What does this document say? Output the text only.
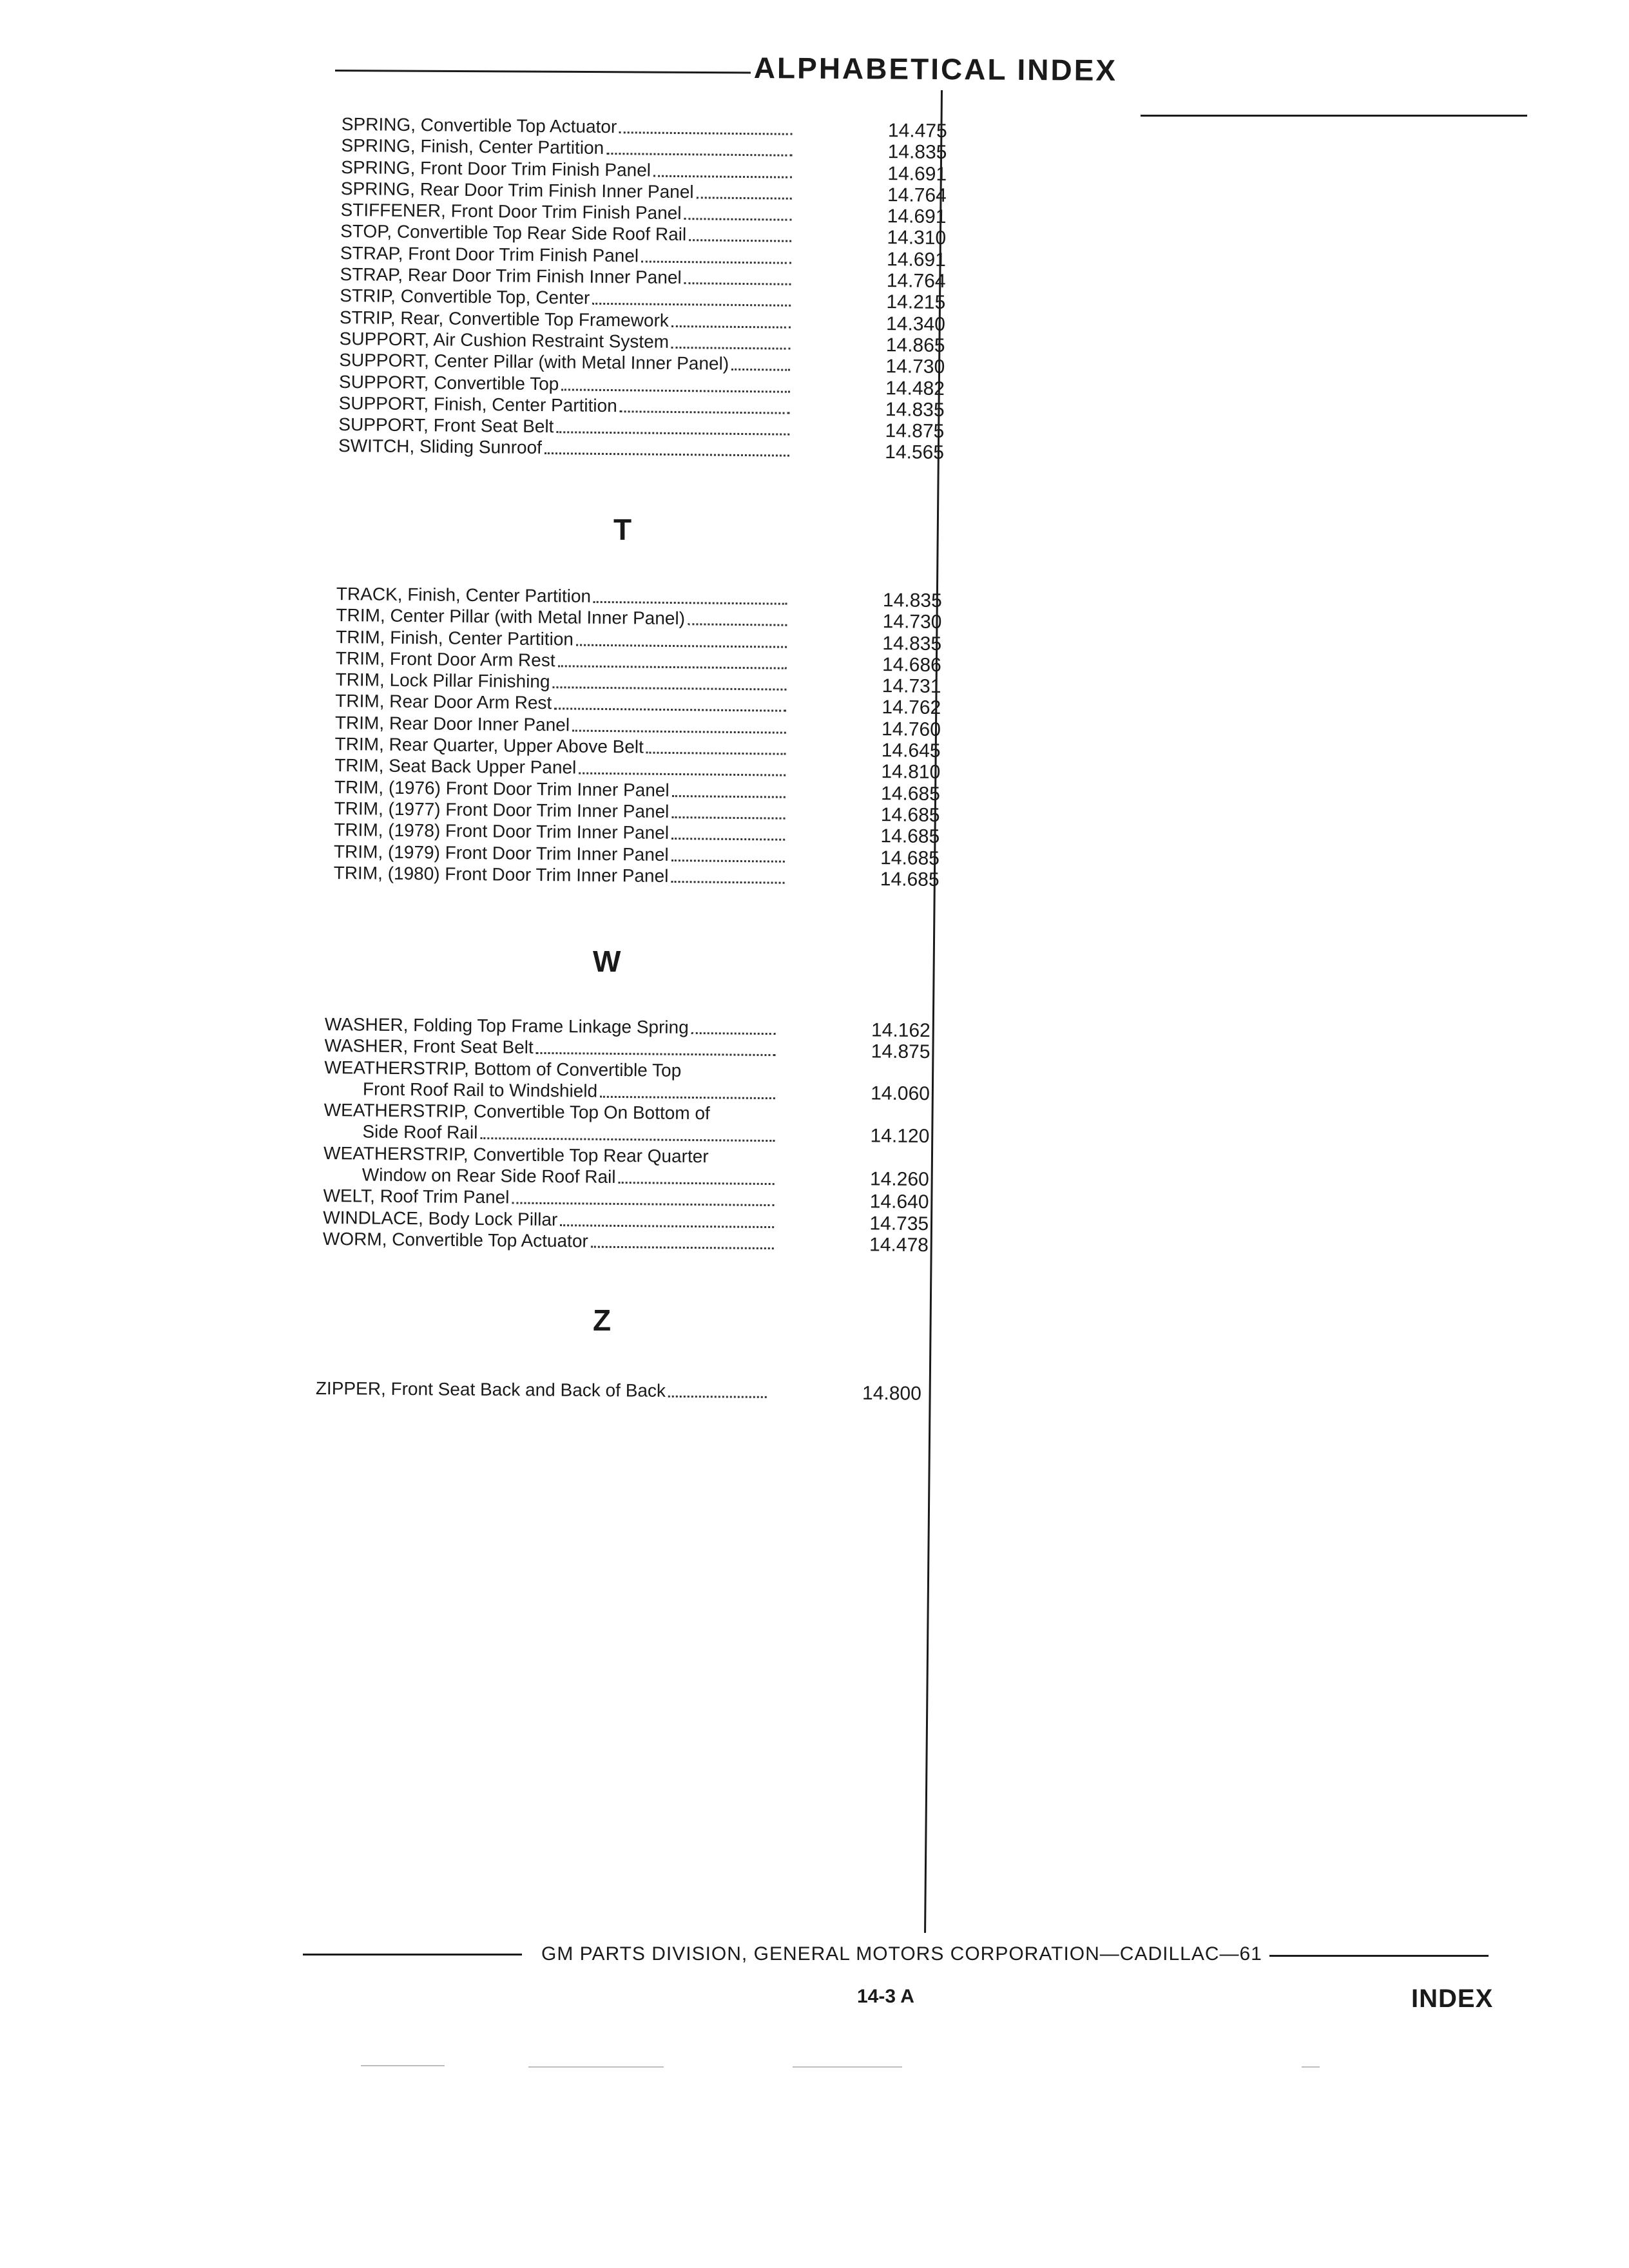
ALPHABETICAL INDEX
SPRING, Convertible Top Actuator	14.475
SPRING, Finish, Center Partition	14.835
SPRING, Front Door Trim Finish Panel	14.691
SPRING, Rear Door Trim Finish Inner Panel	14.764
STIFFENER, Front Door Trim Finish Panel	14.691
STOP, Convertible Top Rear Side Roof Rail	14.310
STRAP, Front Door Trim Finish Panel	14.691
STRAP, Rear Door Trim Finish Inner Panel	14.764
STRIP, Convertible Top, Center	14.215
STRIP, Rear, Convertible Top Framework	14.340
SUPPORT, Air Cushion Restraint System	14.865
SUPPORT, Center Pillar (with Metal Inner Panel)	14.730
SUPPORT, Convertible Top	14.482
SUPPORT, Finish, Center Partition	14.835
SUPPORT, Front Seat Belt	14.875
SWITCH, Sliding Sunroof	14.565
T
TRACK, Finish, Center Partition	14.835
TRIM, Center Pillar (with Metal Inner Panel)	14.730
TRIM, Finish, Center Partition	14.835
TRIM, Front Door Arm Rest	14.686
TRIM, Lock Pillar Finishing	14.731
TRIM, Rear Door Arm Rest	14.762
TRIM, Rear Door Inner Panel	14.760
TRIM, Rear Quarter, Upper Above Belt	14.645
TRIM, Seat Back Upper Panel	14.810
TRIM, (1976) Front Door Trim Inner Panel	14.685
TRIM, (1977) Front Door Trim Inner Panel	14.685
TRIM, (1978) Front Door Trim Inner Panel	14.685
TRIM, (1979) Front Door Trim Inner Panel	14.685
TRIM, (1980) Front Door Trim Inner Panel	14.685
W
WASHER, Folding Top Frame Linkage Spring	14.162
WASHER, Front Seat Belt	14.875
WEATHERSTRIP, Bottom of Convertible Top
Front Roof Rail to Windshield	14.060
WEATHERSTRIP, Convertible Top On Bottom of
Side Roof Rail	14.120
WEATHERSTRIP, Convertible Top Rear Quarter
Window on Rear Side Roof Rail	14.260
WELT, Roof Trim Panel	14.640
WINDLACE, Body Lock Pillar	14.735
WORM, Convertible Top Actuator	14.478
Z
ZIPPER, Front Seat Back and Back of Back	14.800
GM PARTS DIVISION, GENERAL MOTORS CORPORATION—CADILLAC—61
14-3 A	INDEX
